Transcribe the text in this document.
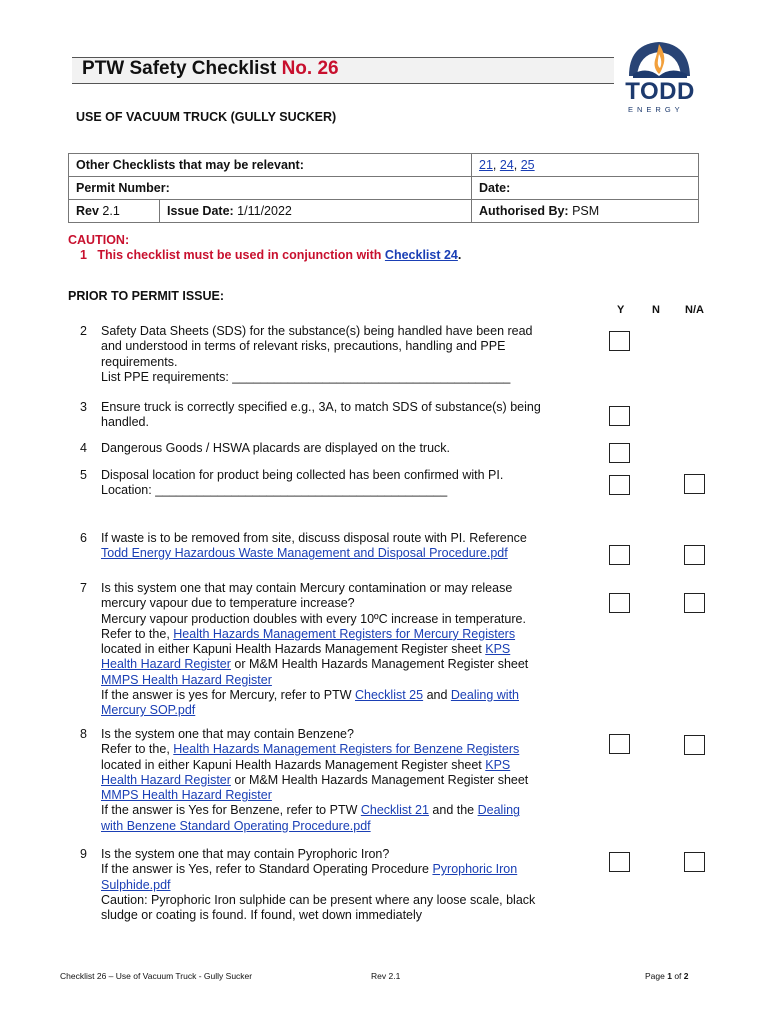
PTW Safety Checklist No. 26
TODD
ENERGY
USE OF VACUUM TRUCK (GULLY SUCKER)
Other Checklists that may be relevant:		21, 24, 25
Permit Number:		Date:
Rev 2.1	Issue Date: 1/11/2022	Authorised By: PSM
CAUTION:
1 This checklist must be used in conjunction with Checklist 24.
PRIOR TO PERMIT ISSUE:
Y	N N/A
2 Safety Data Sheets (SDS) for the substance(s) being handled have been read
and understood in terms of relevant risks, precautions, handling and PPE
requirements.
List PPE requirements: ________________________________________
3 Ensure truck is correctly specified e.g., 3A, to match SDS of substance(s) being
handled.
4 Dangerous Goods / HSWA placards are displayed on the truck.
5 Disposal location for product being collected has been confirmed with PI.
Location: __________________________________________
6 If waste is to be removed from site, discuss disposal route with PI. Reference
Todd Energy Hazardous Waste Management and Disposal Procedure.pdf
7 Is this system one that may contain Mercury contamination or may release
mercury vapour due to temperature increase?
Mercury vapour production doubles with every 10ºC increase in temperature.
Refer to the, Health Hazards Management Registers for Mercury Registers
located in either Kapuni Health Hazards Management Register sheet KPS
Health Hazard Register or M&M Health Hazards Management Register sheet
MMPS Health Hazard Register
If the answer is yes for Mercury, refer to PTW Checklist 25 and Dealing with
Mercury SOP.pdf
8 Is the system one that may contain Benzene?
Refer to the, Health Hazards Management Registers for Benzene Registers
located in either Kapuni Health Hazards Management Register sheet KPS
Health Hazard Register or M&M Health Hazards Management Register sheet
MMPS Health Hazard Register
If the answer is Yes for Benzene, refer to PTW Checklist 21 and the Dealing
with Benzene Standard Operating Procedure.pdf
9 Is the system one that may contain Pyrophoric Iron?
If the answer is Yes, refer to Standard Operating Procedure Pyrophoric Iron
Sulphide.pdf
Caution: Pyrophoric Iron sulphide can be present where any loose scale, black
sludge or coating is found. If found, wet down immediately
Checklist 26 – Use of Vacuum Truck - Gully Sucker	Rev 2.1	Page 1 of 2
